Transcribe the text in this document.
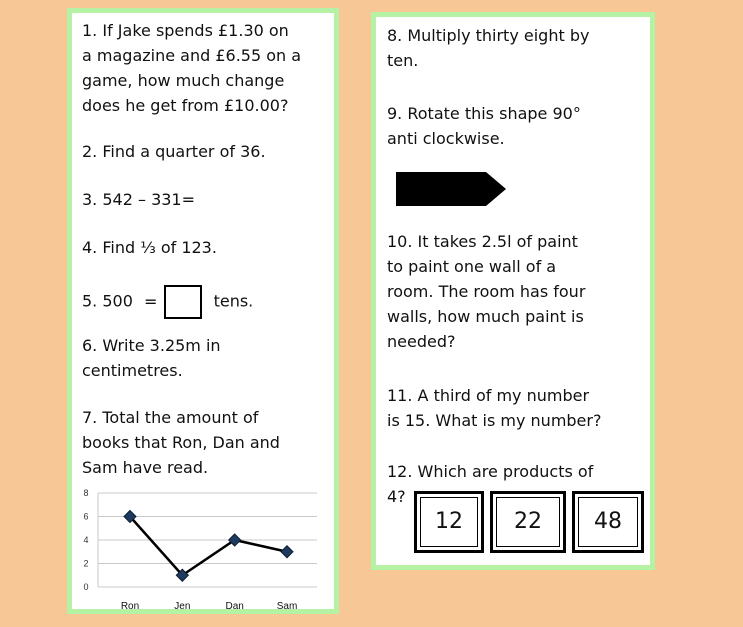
1. If Jake spends £1.30 on
a magazine and £6.55 on a
game, how much change
does he get from £10.00?
2. Find a quarter of 36.
3. 542 – 331=
4. Find ⅓ of 123.
5. 500 =	tens.
6. Write 3.25m in
centimetres.
7. Total the amount of
books that Ron, Dan and
Sam have read.
0
2
4
6
8
Ron	Jen	Dan	Sam
8. Multiply thirty eight by
ten.
9. Rotate this shape 90°
anti clockwise.
10. It takes 2.5l of paint
to paint one wall of a
room. The room has four
walls, how much paint is
needed?
11. A third of my number
is 15. What is my number?
12. Which are products of
4?
12	22	48
